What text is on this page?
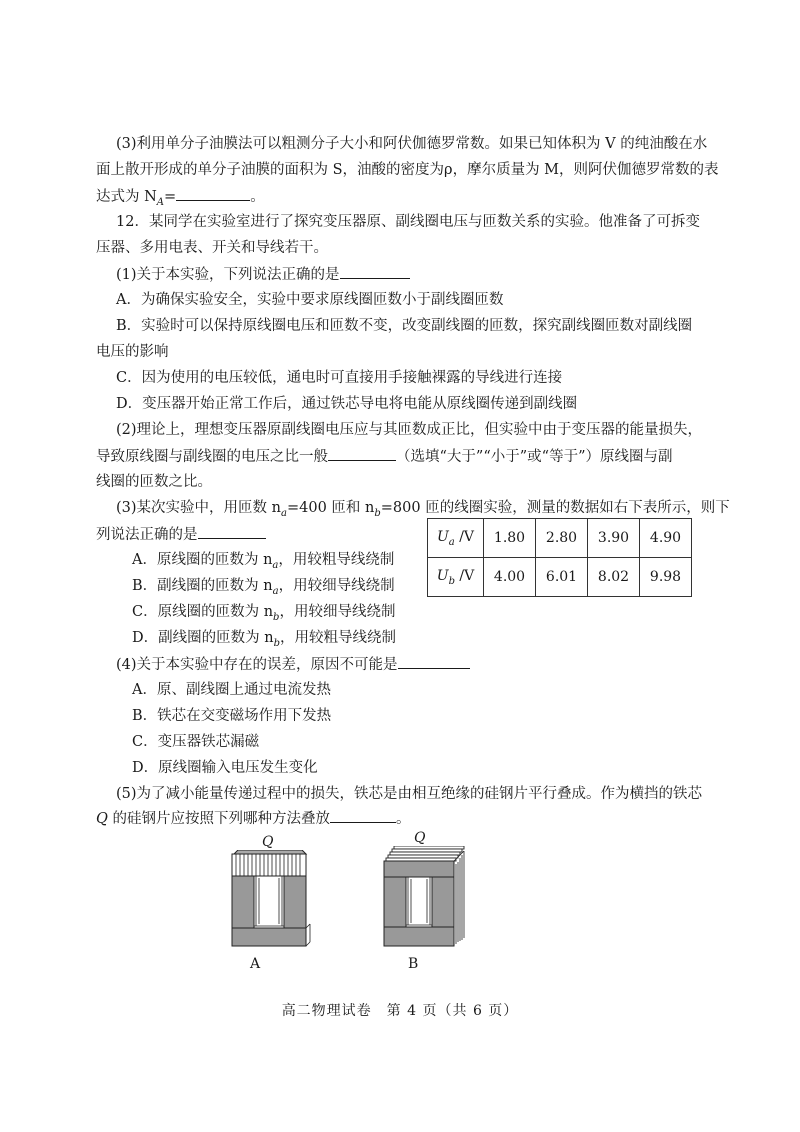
(3)利用单分子油膜法可以粗测分子大小和阿伏伽德罗常数。如果已知体积为 V 的纯油酸在水
面上散开形成的单分子油膜的面积为 S，油酸的密度为ρ，摩尔质量为 M，则阿伏伽德罗常数的表
达式为 $N_A=$	。
12．某同学在实验室进行了探究变压器原、副线圈电压与匝数关系的实验。他准备了可拆变
压器、多用电表、开关和导线若干。
(1)关于本实验，下列说法正确的是
A．为确保实验安全，实验中要求原线圈匝数小于副线圈匝数
B．实验时可以保持原线圈电压和匝数不变，改变副线圈的匝数，探究副线圈匝数对副线圈
电压的影响
C．因为使用的电压较低，通电时可直接用手接触裸露的导线进行连接
D．变压器开始正常工作后，通过铁芯导电将电能从原线圈传递到副线圈
(2)理论上，理想变压器原副线圈电压应与其匝数成正比，但实验中由于变压器的能量损失，
导致原线圈与副线圈的电压之比一般	（选填“大于”“小于”或“等于”）原线圈与副
线圈的匝数之比。
(3)某次实验中，用匝数 $n_a=400$ 匝和 $n_b=800$ 匝的线圈实验，测量的数据如右下表所示，则下
列说法正确的是
A．原线圈的匝数为 $n_a$，用较粗导线绕制
B．副线圈的匝数为 $n_a$，用较细导线绕制
C．原线圈的匝数为 $n_b$，用较细导线绕制
D．副线圈的匝数为 $n_b$，用较粗导线绕制
$U_a$ /V	1.80	2.80	3.90	4.90
$U_b$ /V	4.00	6.01	8.02	9.98
(4)关于本实验中存在的误差，原因不可能是
A．原、副线圈上通过电流发热
B．铁芯在交变磁场作用下发热
C．变压器铁芯漏磁
D．原线圈输入电压发生变化
(5)为了减小能量传递过程中的损失，铁芯是由相互绝缘的硅钢片平行叠成。作为横挡的铁芯
Q 的硅钢片应按照下列哪种方法叠放	。
Q
A
Q
B
高二物理试卷　第 4 页（共 6 页）
